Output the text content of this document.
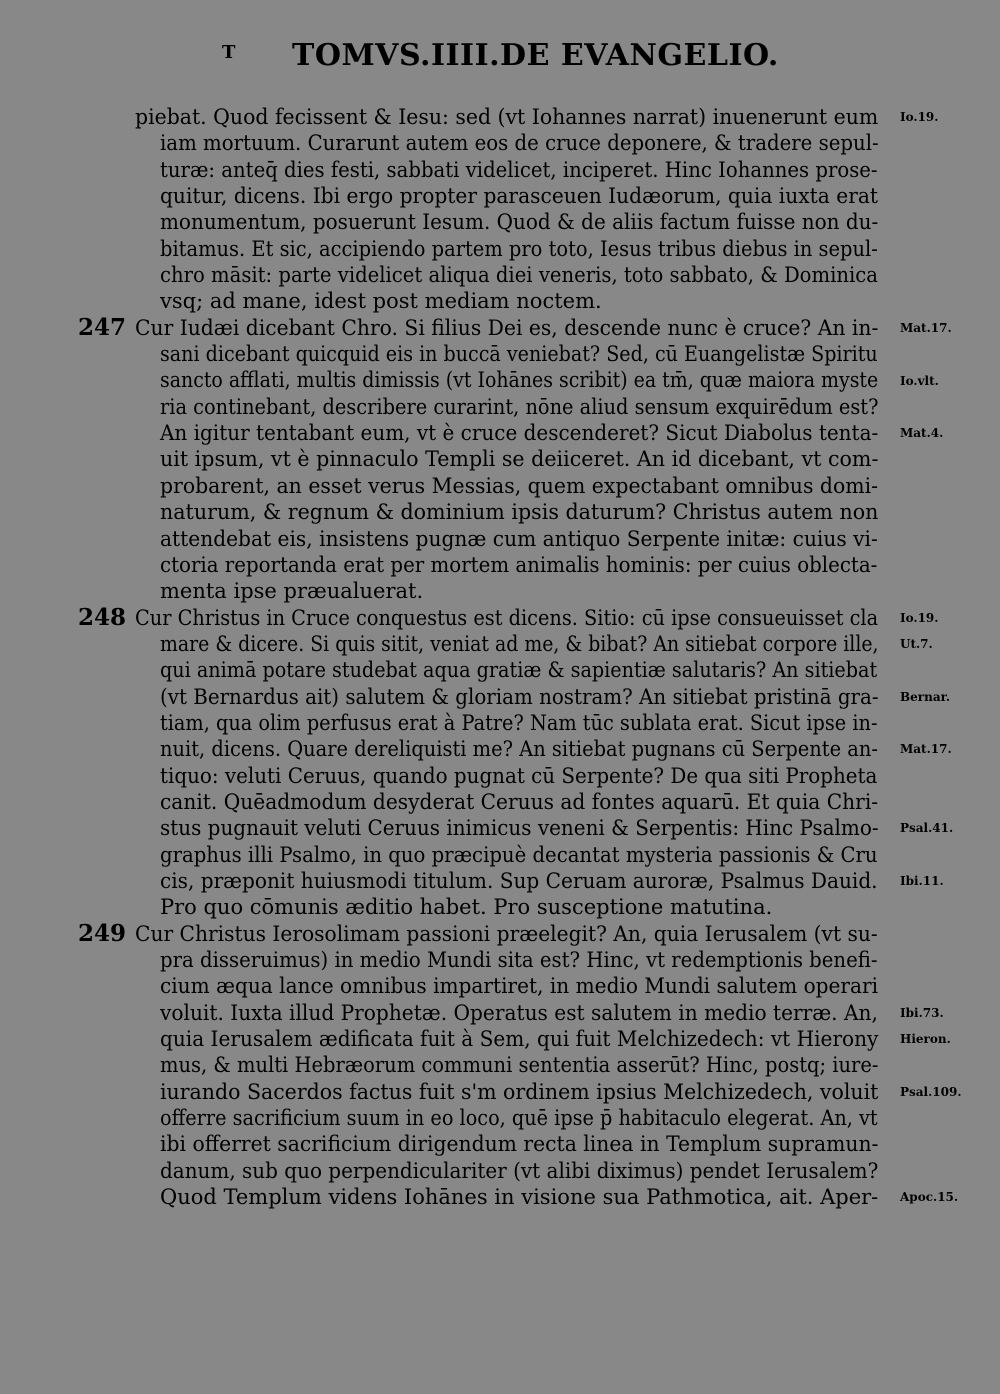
T TOMVS.IIII.DE EVANGELIO.
piebat. Quod fecissent & Iesu: sed (vt Iohannes narrat) inuenerunt eum
iam mortuum. Curarunt autem eos de cruce deponere, & tradere sepul-
turæ: anteq̄ dies festi, sabbati videlicet, inciperet. Hinc Iohannes prose-
quitur, dicens. Ibi ergo propter parasceuen Iudæorum, quia iuxta erat
monumentum, posuerunt Iesum. Quod & de aliis factum fuisse non du-
bitamus. Et sic, accipiendo partem pro toto, Iesus tribus diebus in sepul-
chro māsit: parte videlicet aliqua diei veneris, toto sabbato, & Dominica
vsq; ad mane, idest post mediam noctem.
247 Cur Iudæi dicebant Chro. Si filius Dei es, descende nunc è cruce? An in-
sani dicebant quicquid eis in buccā veniebat? Sed, cū Euangelistæ Spiritu
sancto afflati, multis dimissis (vt Iohānes scribit) ea tm̄, quæ maiora myste
ria continebant, describere curarint, nōne aliud sensum exquirēdum est?
An igitur tentabant eum, vt è cruce descenderet? Sicut Diabolus tenta-
uit ipsum, vt è pinnaculo Templi se deiiceret. An id dicebant, vt com-
probarent, an esset verus Messias, quem expectabant omnibus domi-
naturum, & regnum & dominium ipsis daturum? Christus autem non
attendebat eis, insistens pugnæ cum antiquo Serpente initæ: cuius vi-
ctoria reportanda erat per mortem animalis hominis: per cuius oblecta-
menta ipse præualuerat.
248 Cur Christus in Cruce conquestus est dicens. Sitio: cū ipse consueuisset cla
mare & dicere. Si quis sitit, veniat ad me, & bibat? An sitiebat corpore ille,
qui animā potare studebat aqua gratiæ & sapientiæ salutaris? An sitiebat
(vt Bernardus ait) salutem & gloriam nostram? An sitiebat pristinā gra-
tiam, qua olim perfusus erat à Patre? Nam tūc sublata erat. Sicut ipse in-
nuit, dicens. Quare dereliquisti me? An sitiebat pugnans cū Serpente an-
tiquo: veluti Ceruus, quando pugnat cū Serpente? De qua siti Propheta
canit. Quēadmodum desyderat Ceruus ad fontes aquarū. Et quia Chri-
stus pugnauit veluti Ceruus inimicus veneni & Serpentis: Hinc Psalmo-
graphus illi Psalmo, in quo præcipuè decantat mysteria passionis & Cru
cis, præponit huiusmodi titulum. Sup Ceruam auroræ, Psalmus Dauid.
Pro quo cōmunis æditio habet. Pro susceptione matutina.
249 Cur Christus Ierosolimam passioni præelegit? An, quia Ierusalem (vt su-
pra disseruimus) in medio Mundi sita est? Hinc, vt redemptionis benefi-
cium æqua lance omnibus impartiret, in medio Mundi salutem operari
voluit. Iuxta illud Prophetæ. Operatus est salutem in medio terræ. An,
quia Ierusalem ædificata fuit à Sem, qui fuit Melchizedech: vt Hierony
mus, & multi Hebræorum communi sententia asserūt? Hinc, postq; iure-
iurando Sacerdos factus fuit s'm ordinem ipsius Melchizedech, voluit
offerre sacrificium suum in eo loco, quē ipse p̄ habitaculo elegerat. An, vt
ibi offerret sacrificium dirigendum recta linea in Templum supramun-
danum, sub quo perpendiculariter (vt alibi diximus) pendet Ierusalem?
Quod Templum videns Iohānes in visione sua Pathmotica, ait. Aper-
Io.19.
Mat.17.
Io.vlt.
Mat.4.
Io.19.
Ut.7.
Bernar.
Mat.17.
Psal.41.
Ibi.11.
Ibi.73.
Hieron.
Psal.109.
Apoc.15.
